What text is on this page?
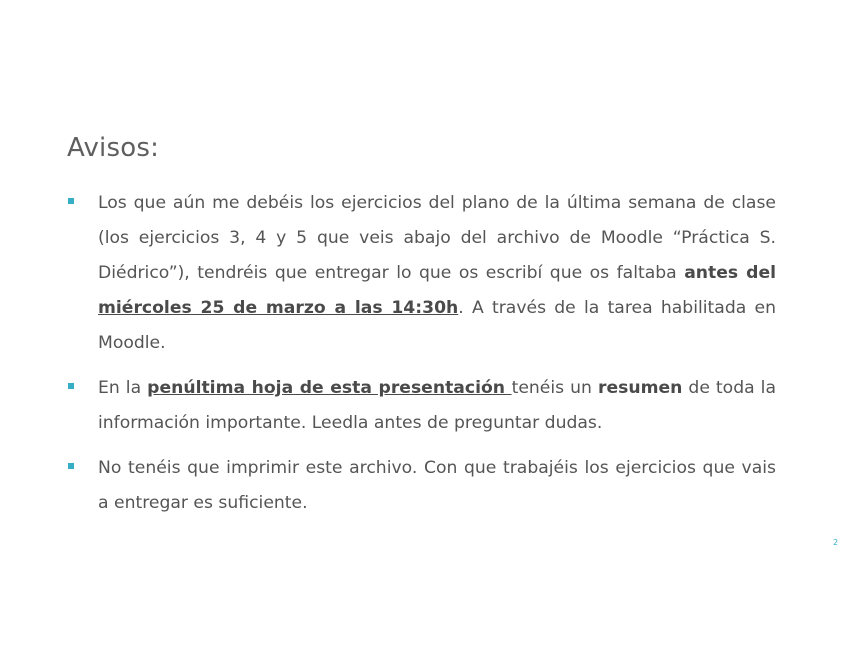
Avisos:
Los que aún me debéis los ejercicios del plano de la última semana de clase (los ejercicios 3, 4 y 5 que veis abajo del archivo de Moodle “Práctica S. Diédrico”), tendréis que entregar lo que os escribí que os faltaba antes del miércoles 25 de marzo a las 14:30h. A través de la tarea habilitada en Moodle.
En la penúltima hoja de esta presentación tenéis un resumen de toda la información importante. Leedla antes de preguntar dudas.
No tenéis que imprimir este archivo. Con que trabajéis los ejercicios que vais a entregar es suficiente.
2
